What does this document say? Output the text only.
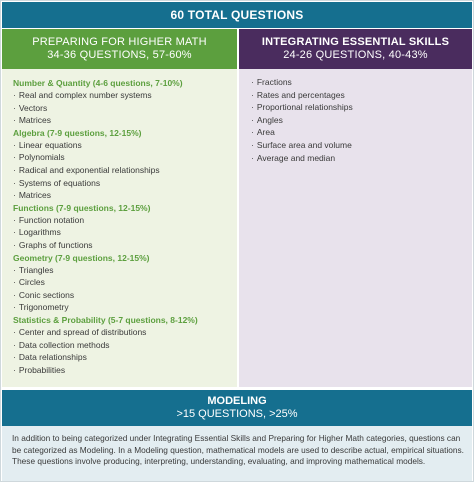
60 TOTAL QUESTIONS
PREPARING FOR HIGHER MATH
34-36 QUESTIONS, 57-60%
INTEGRATING ESSENTIAL SKILLS
24-26 QUESTIONS, 40-43%
Number & Quantity (4-6 questions, 7-10%)
· Real and complex number systems
· Vectors
· Matrices
Algebra (7-9 questions, 12-15%)
· Linear equations
· Polynomials
· Radical and exponential relationships
· Systems of equations
· Matrices
Functions (7-9 questions, 12-15%)
· Function notation
· Logarithms
· Graphs of functions
Geometry (7-9 questions, 12-15%)
· Triangles
· Circles
· Conic sections
· Trigonometry
Statistics & Probability (5-7 questions, 8-12%)
· Center and spread of distributions
· Data collection methods
· Data relationships
· Probabilities
· Fractions
· Rates and percentages
· Proportional relationships
· Angles
· Area
· Surface area and volume
· Average and median
MODELING
>15 QUESTIONS, >25%
In addition to being categorized under Integrating Essential Skills and Preparing for Higher Math categories, questions can be categorized as Modeling. In a Modeling question, mathematical models are used to describe actual, empirical situations. These questions involve producing, interpreting, understanding, evaluating, and improving mathematical models.
